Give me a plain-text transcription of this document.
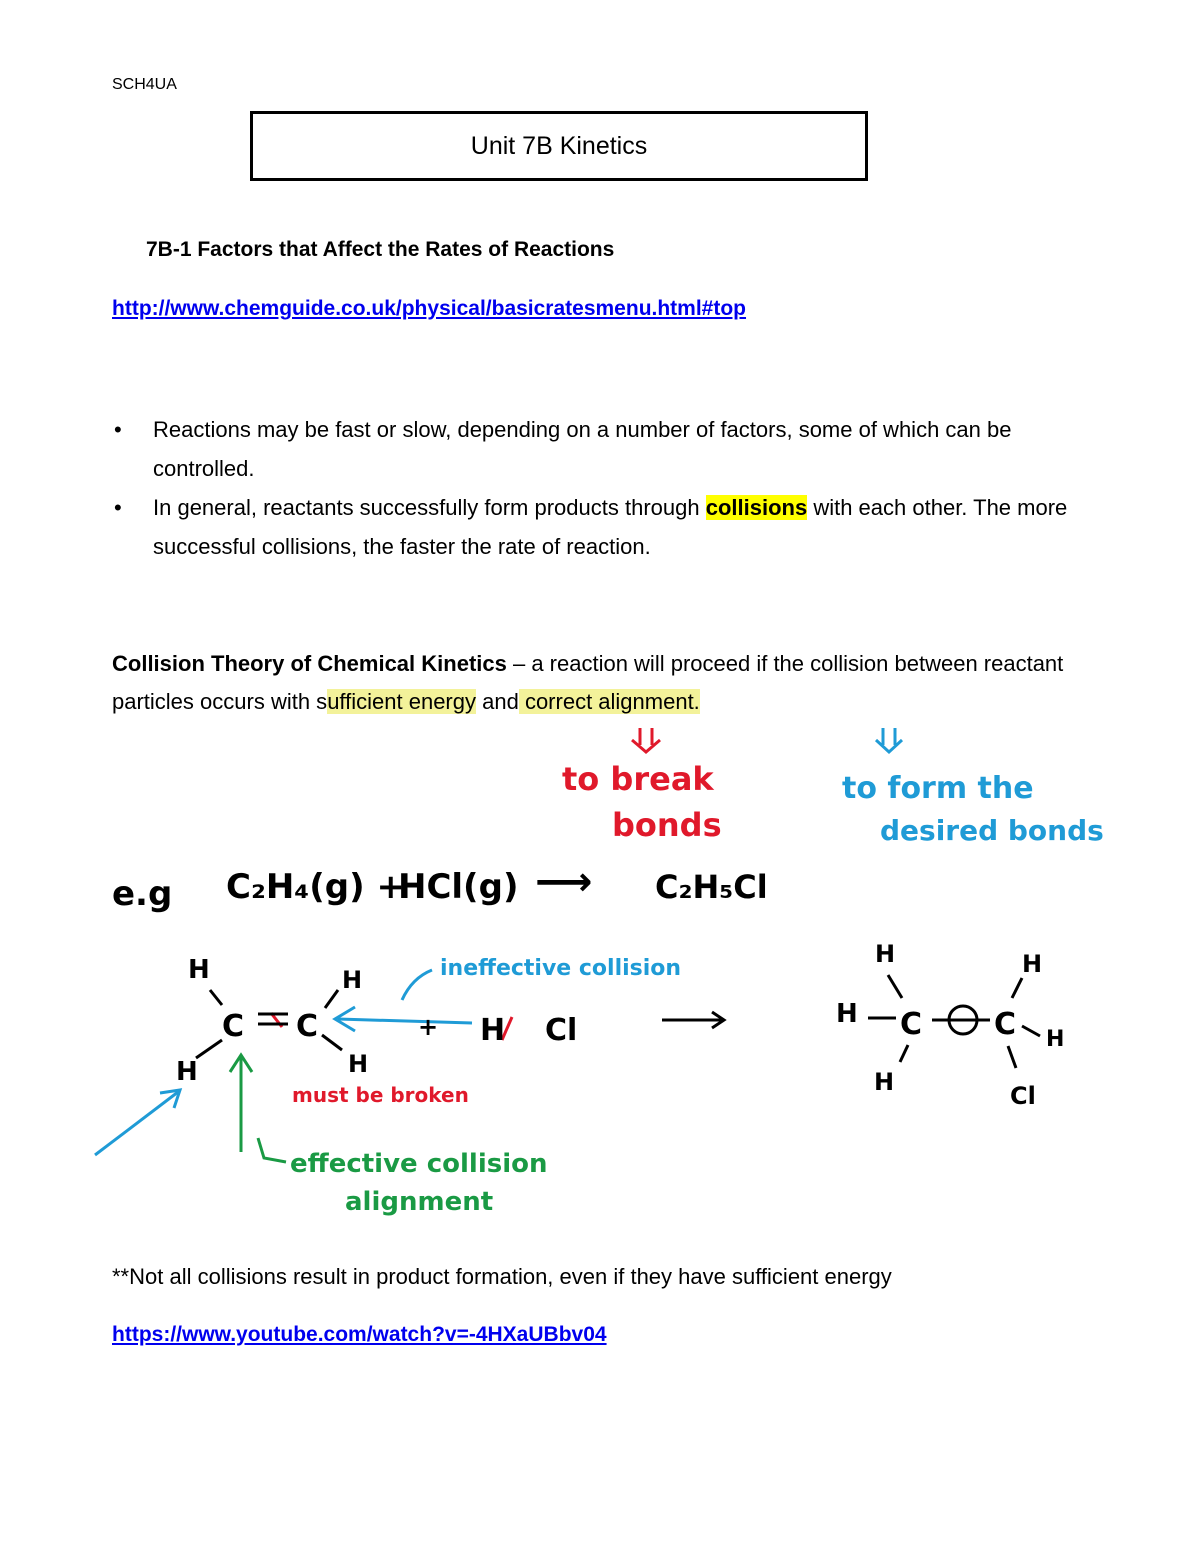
SCH4UA
Unit 7B Kinetics
7B-1 Factors that Affect the Rates of Reactions
http://www.chemguide.co.uk/physical/basicratesmenu.html#top
• Reactions may be fast or slow, depending on a number of factors, some of which can be controlled.
• In general, reactants successfully form products through collisions with each other. The more successful collisions, the faster the rate of reaction.
Collision Theory of Chemical Kinetics – a reaction will proceed if the collision between reactant particles occurs with sufficient energy and correct alignment.
to break
bonds
must be broken
to form the
desired bonds
ineffective collision
effective collision
alignment
e.g C₂H₄(g) +
HCl(g) ⟶ C₂H₅Cl
H
C C
H
H
H
+ H Cl
H
H C
H
C
H
H
Cl
**Not all collisions result in product formation, even if they have sufficient energy
https://www.youtube.com/watch?v=-4HXaUBbv04
